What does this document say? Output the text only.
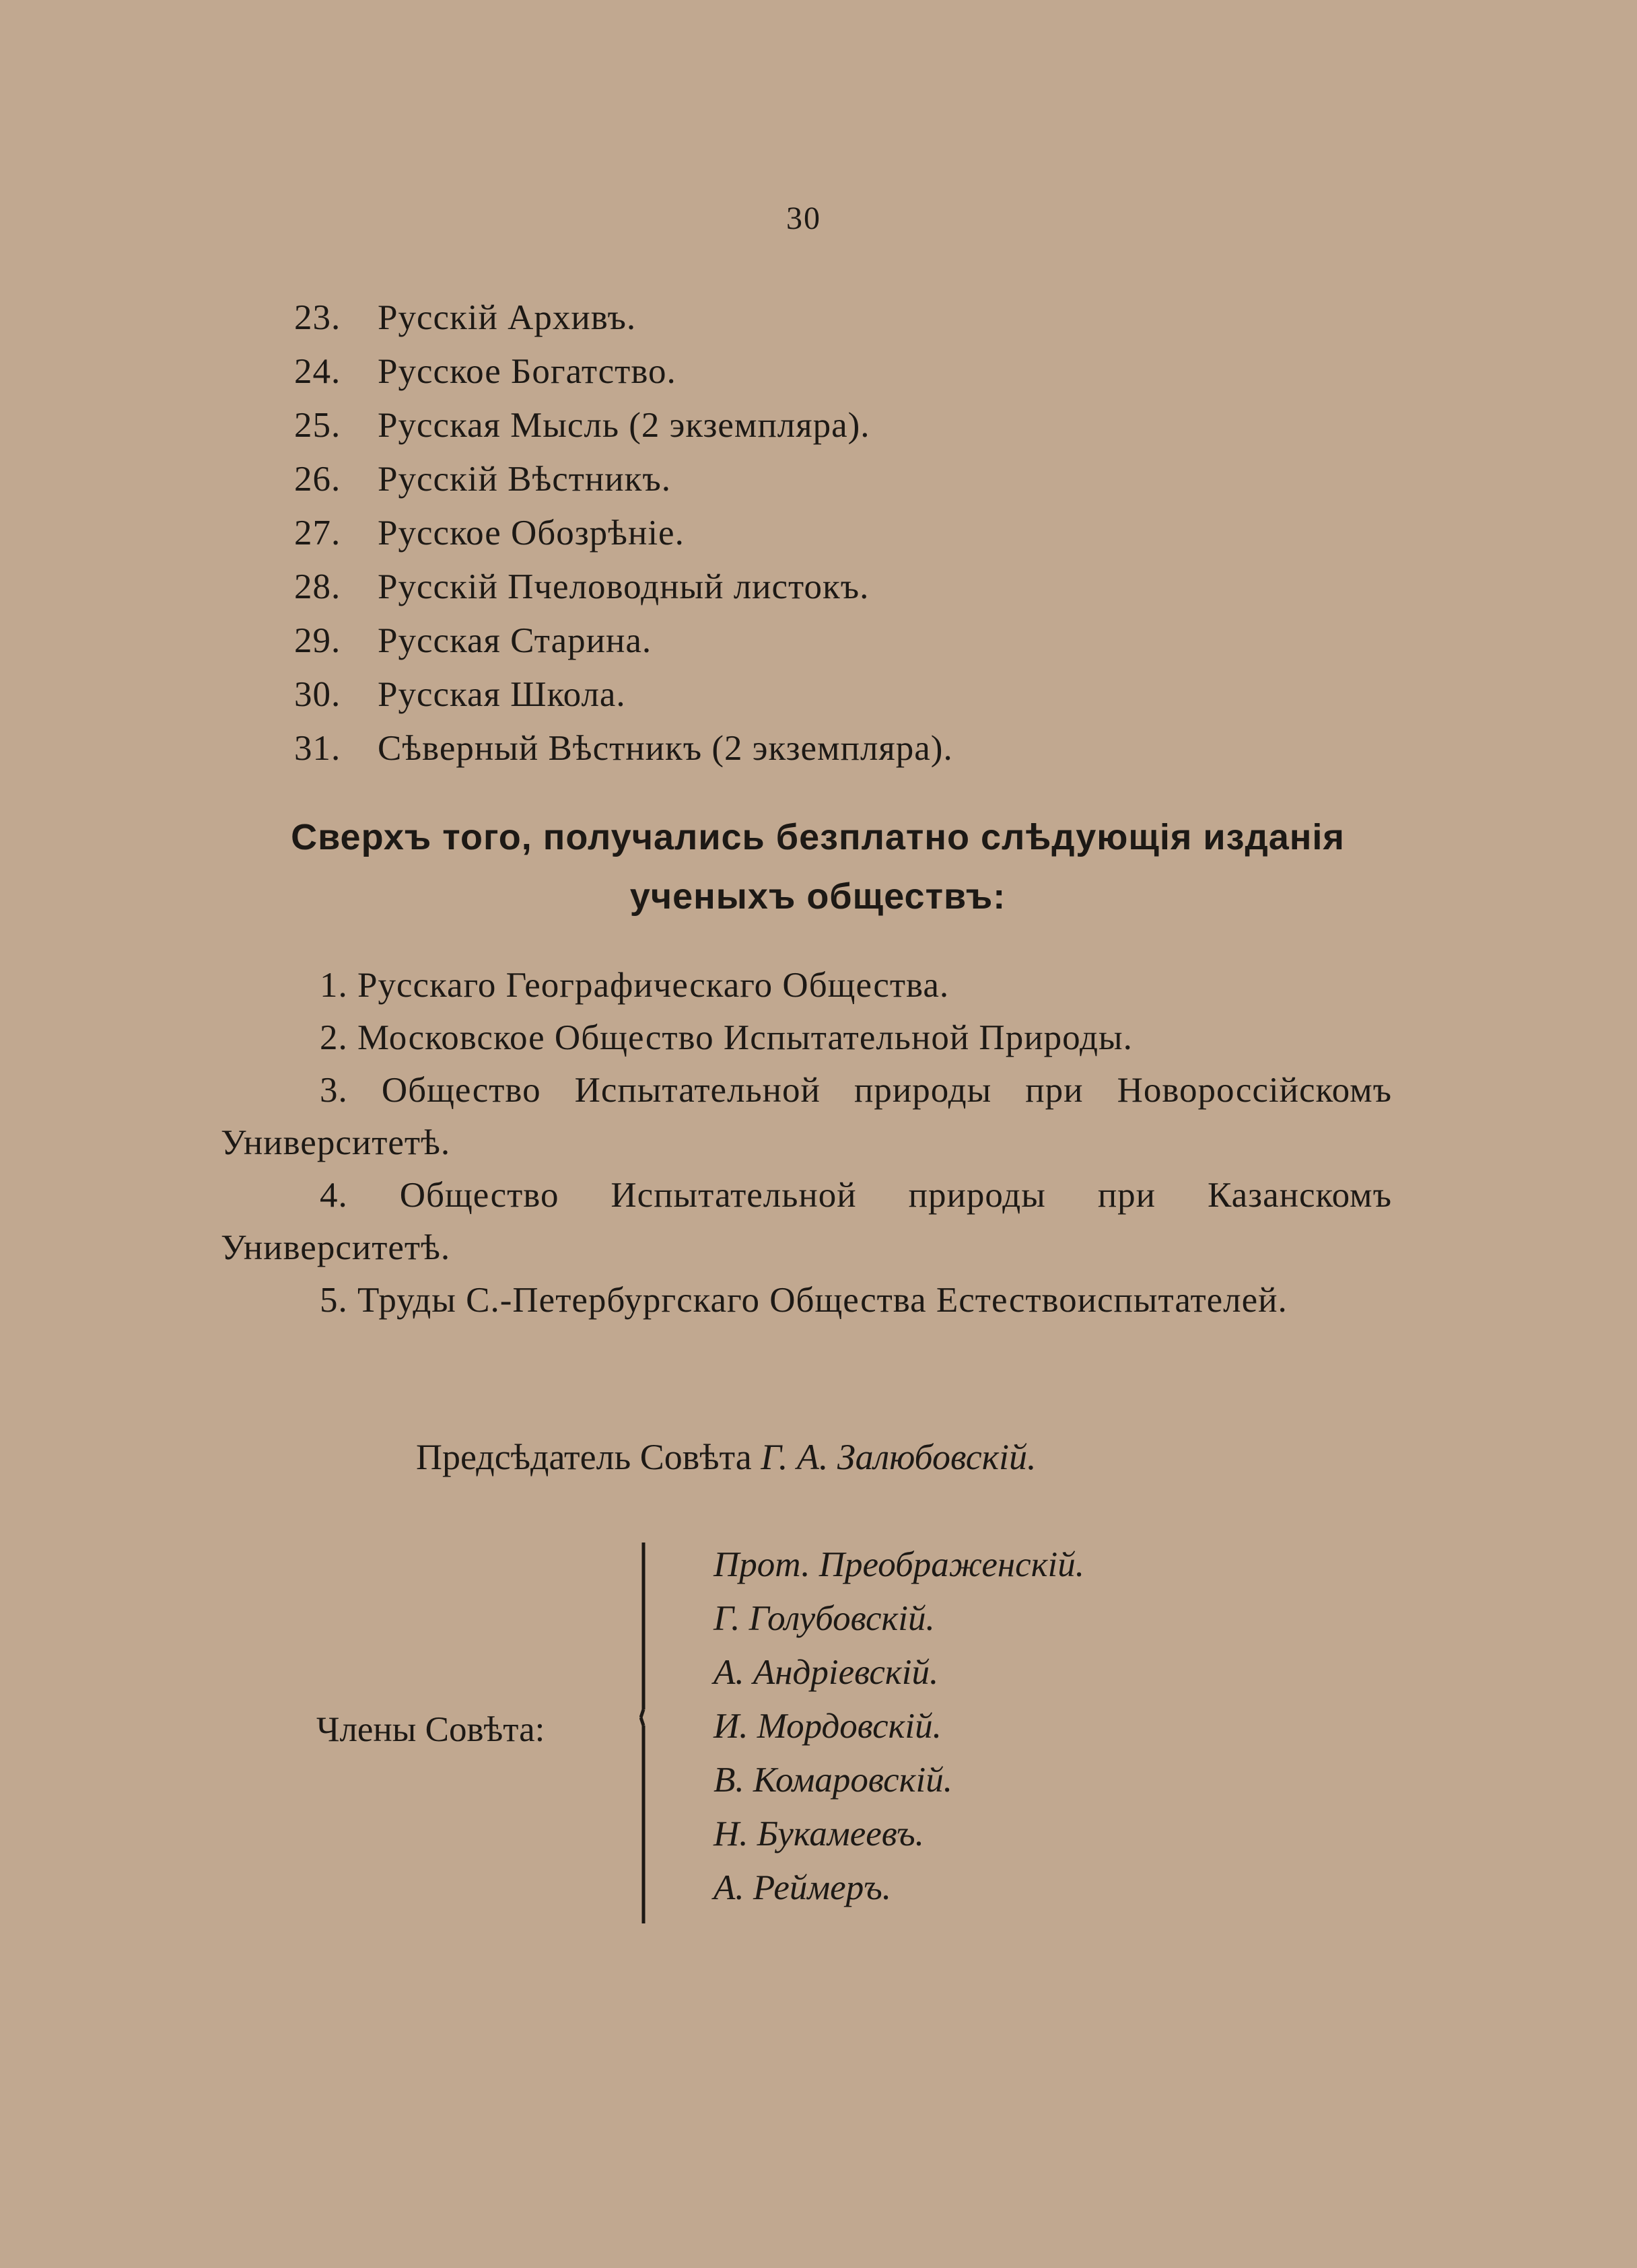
30
23. Русскій Архивъ.
24. Русское Богатство.
25. Русская Мысль (2 экземпляра).
26. Русскій Вѣстникъ.
27. Русское Обозрѣніе.
28. Русскій Пчеловодный листокъ.
29. Русская Старина.
30. Русская Школа.
31. Сѣверный Вѣстникъ (2 экземпляра).
Сверхъ того, получались безплатно слѣдующія изданія
ученыхъ обществъ:
1. Русскаго Географическаго Общества.
2. Московское Общество Испытательной Природы.
3. Общество Испытательной природы при Новороссійскомъ Университетѣ.
4. Общество Испытательной природы при Казанскомъ Университетѣ.
5. Труды С.-Петербургскаго Общества Естествоиспытателей.
Предсѣдатель Совѣта Г. А. Залюбовскій.
Члены Совѣта:
Прот. Преображенскій.
Г. Голубовскій.
А. Андріевскій.
И. Мордовскій.
В. Комаровскій.
Н. Букамеевъ.
А. Реймеръ.
